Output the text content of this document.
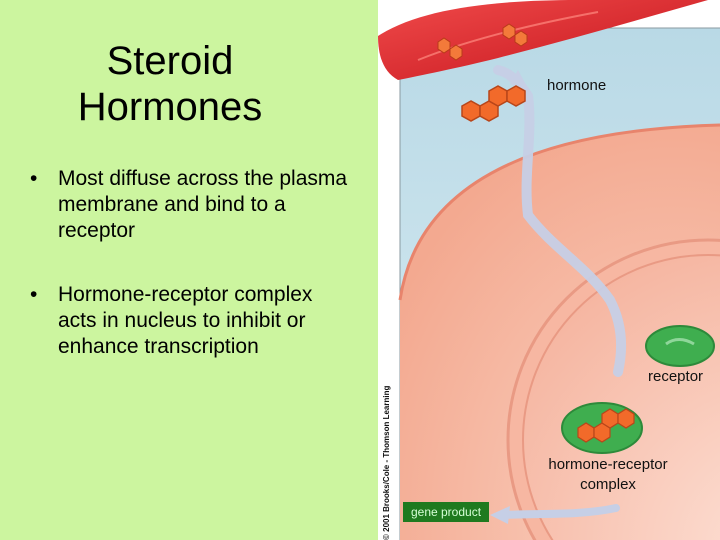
Steroid Hormones
• Most diffuse across the plasma membrane and bind to a receptor
• Hormone-receptor complex acts in nucleus to inhibit or enhance transcription
hormone
receptor
hormone-receptor complex
gene product
© 2001 Brooks/Cole - Thomson Learning
